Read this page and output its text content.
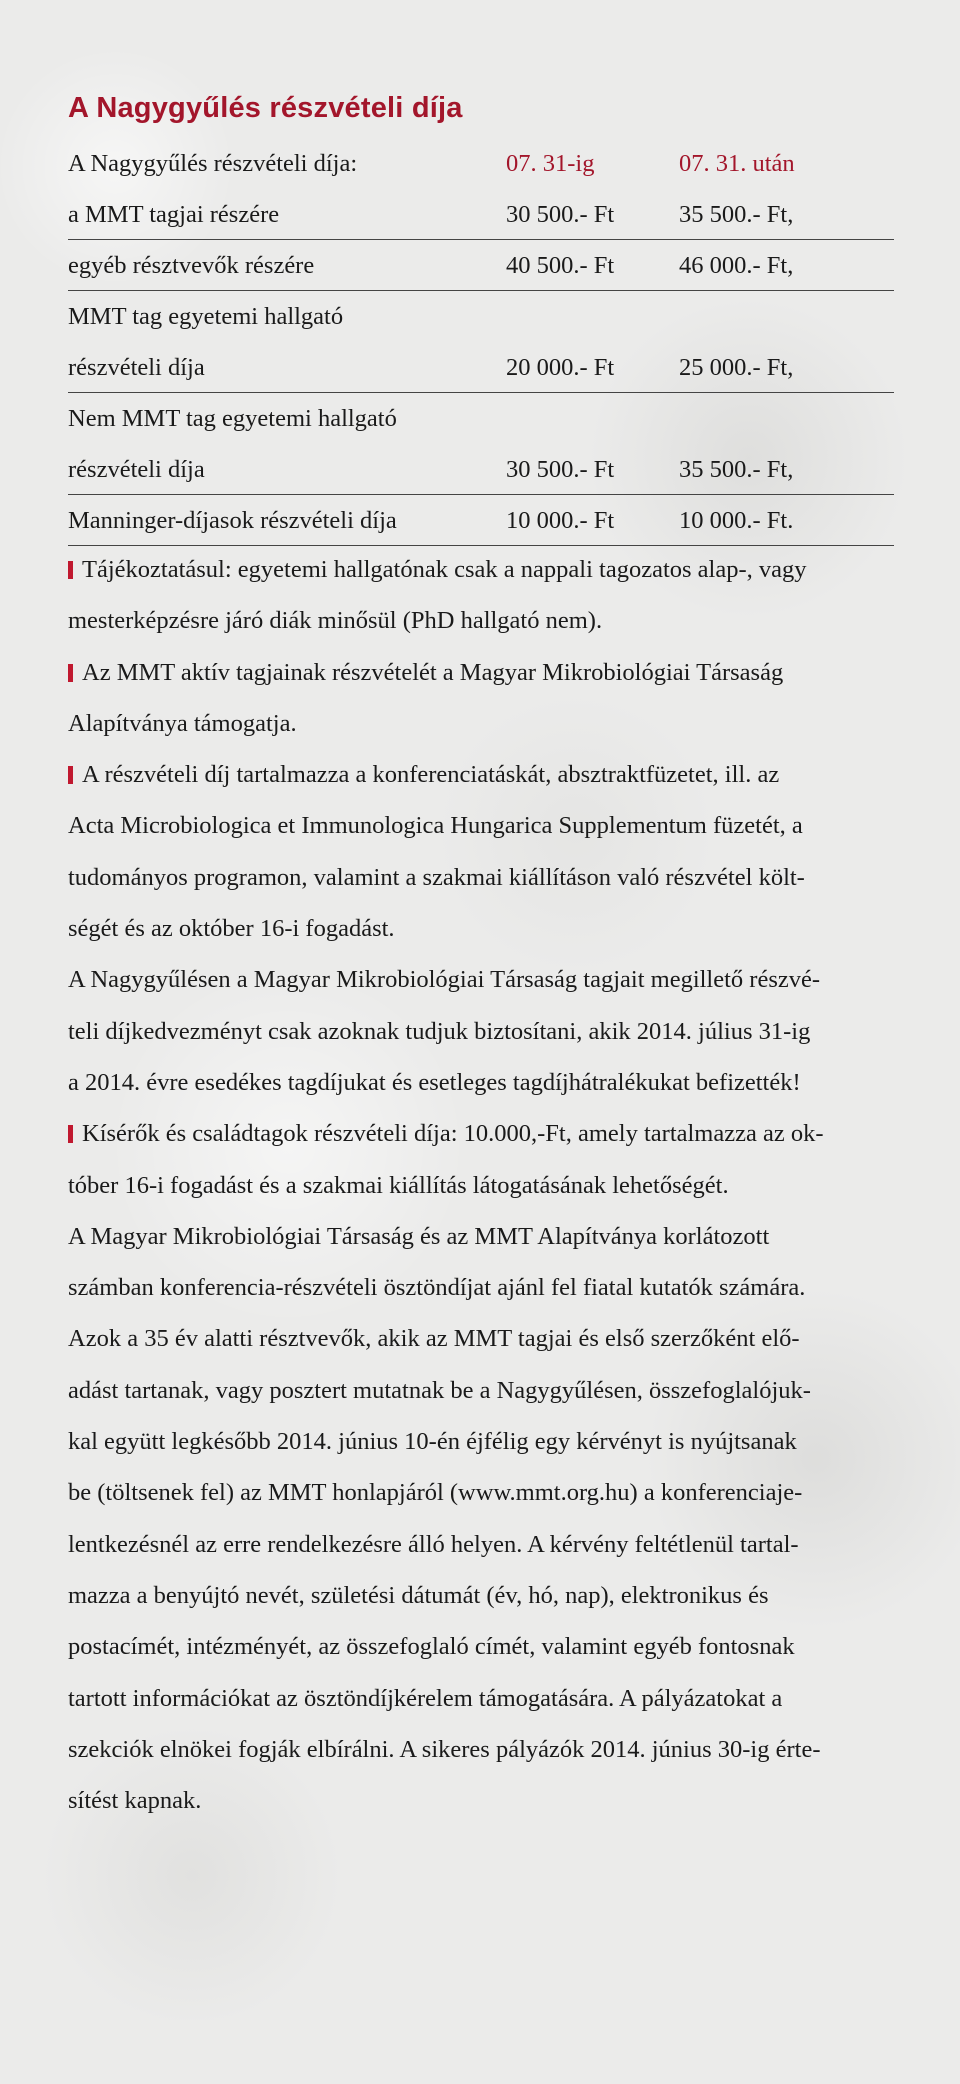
A Nagygyűlés részvételi díja
A Nagygyűlés részvételi díja:	07. 31-ig	07. 31. után
a MMT tagjai részére	30 500.- Ft	35 500.- Ft,
egyéb résztvevők részére	40 500.- Ft	46 000.- Ft,
MMT tag egyetemi hallgató
részvételi díja	20 000.- Ft	25 000.- Ft,
Nem MMT tag egyetemi hallgató
részvételi díja	30 500.- Ft	35 500.- Ft,
Manninger-díjasok részvételi díja	10 000.- Ft	10 000.- Ft.

Tájékoztatásul: egyetemi hallgatónak csak a nappali tagozatos alap-, vagy
mesterképzésre járó diák minősül (PhD hallgató nem).

Az MMT aktív tagjainak részvételét a Magyar Mikrobiológiai Társaság
Alapítványa támogatja.

A részvételi díj tartalmazza a konferenciatáskát, absztraktfüzetet, ill. az
Acta Microbiologica et Immunologica Hungarica Supplementum füzetét, a
tudományos programon, valamint a szakmai kiállításon való részvétel költ-
ségét és az október 16-i fogadást.

A Nagygyűlésen a Magyar Mikrobiológiai Társaság tagjait megillető részvé-
teli díjkedvezményt csak azoknak tudjuk biztosítani, akik 2014. július 31-ig
a 2014. évre esedékes tagdíjukat és esetleges tagdíjhátralékukat befizették!

Kísérők és családtagok részvételi díja: 10.000,-Ft, amely tartalmazza az ok-
tóber 16-i fogadást és a szakmai kiállítás látogatásának lehetőségét.

A Magyar Mikrobiológiai Társaság és az MMT Alapítványa korlátozott
számban konferencia-részvételi ösztöndíjat ajánl fel fiatal kutatók számára.
Azok a 35 év alatti résztvevők, akik az MMT tagjai és első szerzőként elő-
adást tartanak, vagy posztert mutatnak be a Nagygyűlésen, összefoglalójuk-
kal együtt legkésőbb 2014. június 10-én éjfélig egy kérvényt is nyújtsanak
be (töltsenek fel) az MMT honlapjáról (www.mmt.org.hu) a konferenciaje-
lentkezésnél az erre rendelkezésre álló helyen. A kérvény feltétlenül tartal-
mazza a benyújtó nevét, születési dátumát (év, hó, nap), elektronikus és
postacímét, intézményét, az összefoglaló címét, valamint egyéb fontosnak
tartott információkat az ösztöndíjkérelem támogatására. A pályázatokat a
szekciók elnökei fogják elbírálni. A sikeres pályázók 2014. június 30-ig érte-
sítést kapnak.
